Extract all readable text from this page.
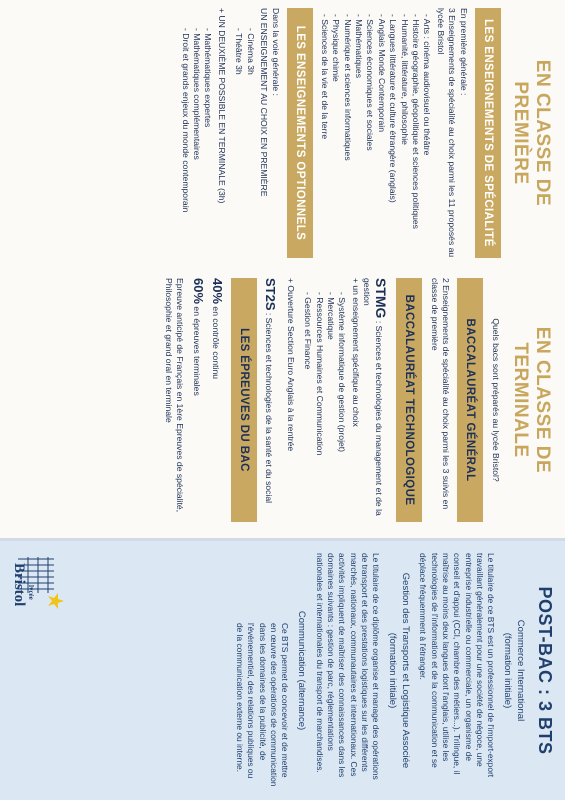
EN CLASSE DE PREMIÈRE
LES ENSEIGNEMENTS DE SPÉCIALITÉ

En première générale :

3 Enseignements de spécialité au choix parmi les 11 proposés au lycée Bristol

- Arts : cinéma audiovisuel ou théâtre
- Histoire géographie, géopolitique et sciences politiques
- Humanité, littérature, philosophie
- Langues littérature et culture étrangère (anglais)
- Anglais Monde Contemporain
- Sciences économiques et sociales
- Mathématiques
- Numérique et sciences informatiques
- Physique chimie
- Sciences de la vie et de la terre
LES ENSEIGNEMENTS OPTIONNELS

Dans la voie générale :

UN ENSEIGNEMENT AU CHOIX EN PREMIÈRE

- Cinéma 3h
- Théâtre 3h

+ UN DEUXIÈME POSSIBLE EN TERMINALE (3h)

- Mathématiques expertes
- Mathématiques complémentaires
- Droit et grands enjeux du monde contemporain
EN CLASSE DE TERMINALE

Quels bacs sont préparés au lycée Bristol?

BACCALAURÉAT GÉNÉRAL

2 Enseignements de spécialité au choix parmi les 3 suivis en classe de première

BACCALAURÉAT TECHNOLOGIQUE
STMG : Sciences et technologies du management et de la gestion

+ un enseignement spécifique au choix

- Système informatique de gestion (projet)
- Mercatique
- Ressources Humaines et Communication
- Gestion et Finance

+ Ouverture Section Euro Anglais à la rentrée

ST2S : Sciences et technologies de la santé et du social
LES ÉPREUVES DU BAC
40% en contrôle continu
60% en épreuves terminales

Epreuve anticipé de Français en 1ère Epreuves de spécialité, Philosophie et grand oral en terminale

POST-BAC : 3 BTS
Commerce International
(formation initiale)

Le titulaire de ce BTS est un professionnel de l'import-export travaillant généralement pour une société de négoce, une entreprise industrielle ou commerciale, un organisme de conseil et d'appui (CCI, chambre des métiers...). Trilingue, il maîtrise au moins deux langues dont l'anglais, utilise les technologies de l'information et de la communication et se déplace fréquemment à l'étranger.

Gestion des Transports et Logistique Associée (formation initiale)

Le titulaire de ce diplôme organise et manage des opérations de transport et des prestations logistiques sur les différents marchés, nationaux, communautaires et internationaux. Ces activités impliquent de maîtriser des connaissances dans les domaines suivants : gestion de parc, réglementations nationales et internationales du transport de marchandises.

Communication (alternance)

Ce BTS permet de concevoir et de mettre en œuvre des opérations de communication dans les domaines de la publicité, de l'événementiel, des relations publiques ou de la communication externe ou interne.

lycée
Bristol
